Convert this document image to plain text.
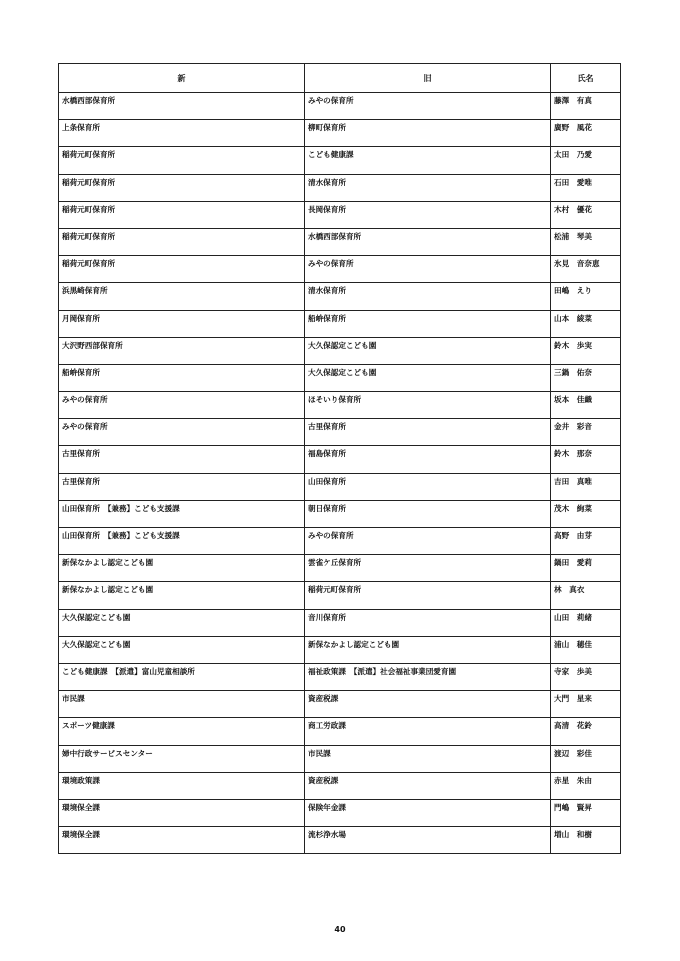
新	旧	氏名
水橋西部保育所	みやの保育所	藤澤　有真
上条保育所	柳町保育所	廣野　風花
稲荷元町保育所	こども健康課	太田　乃愛
稲荷元町保育所	清水保育所	石田　愛唯
稲荷元町保育所	長岡保育所	木村　優花
稲荷元町保育所	水橋西部保育所	松浦　琴美
稲荷元町保育所	みやの保育所	氷見　音奈恵
浜黒崎保育所	清水保育所	田嶋　えり
月岡保育所	船峅保育所	山本　綾菜
大沢野西部保育所	大久保認定こども園	鈴木　歩実
船峅保育所	大久保認定こども園	三鍋　佑奈
みやの保育所	ほそいり保育所	坂本　佳織
みやの保育所	古里保育所	金井　彩音
古里保育所	福島保育所	鈴木　那奈
古里保育所	山田保育所	吉田　真唯
山田保育所　【兼務】こども支援課	朝日保育所	茂木　絢菜
山田保育所　【兼務】こども支援課	みやの保育所	高野　由芽
新保なかよし認定こども園	雲雀ケ丘保育所	鍋田　愛莉
新保なかよし認定こども園	稲荷元町保育所	林　真衣
大久保認定こども園	音川保育所	山田　莉緒
大久保認定こども園	新保なかよし認定こども園	浦山　穂佳
こども健康課　【派遣】富山児童相談所	福祉政策課　【派遣】社会福祉事業団愛育園	寺家　歩美
市民課	資産税課	大門　星来
スポーツ健康課	商工労政課	高清　花鈴
婦中行政サービスセンター	市民課	渡辺　彩佳
環境政策課	資産税課	赤星　朱由
環境保全課	保険年金課	門嶋　賢昇
環境保全課	流杉浄水場	増山　和樹
40
